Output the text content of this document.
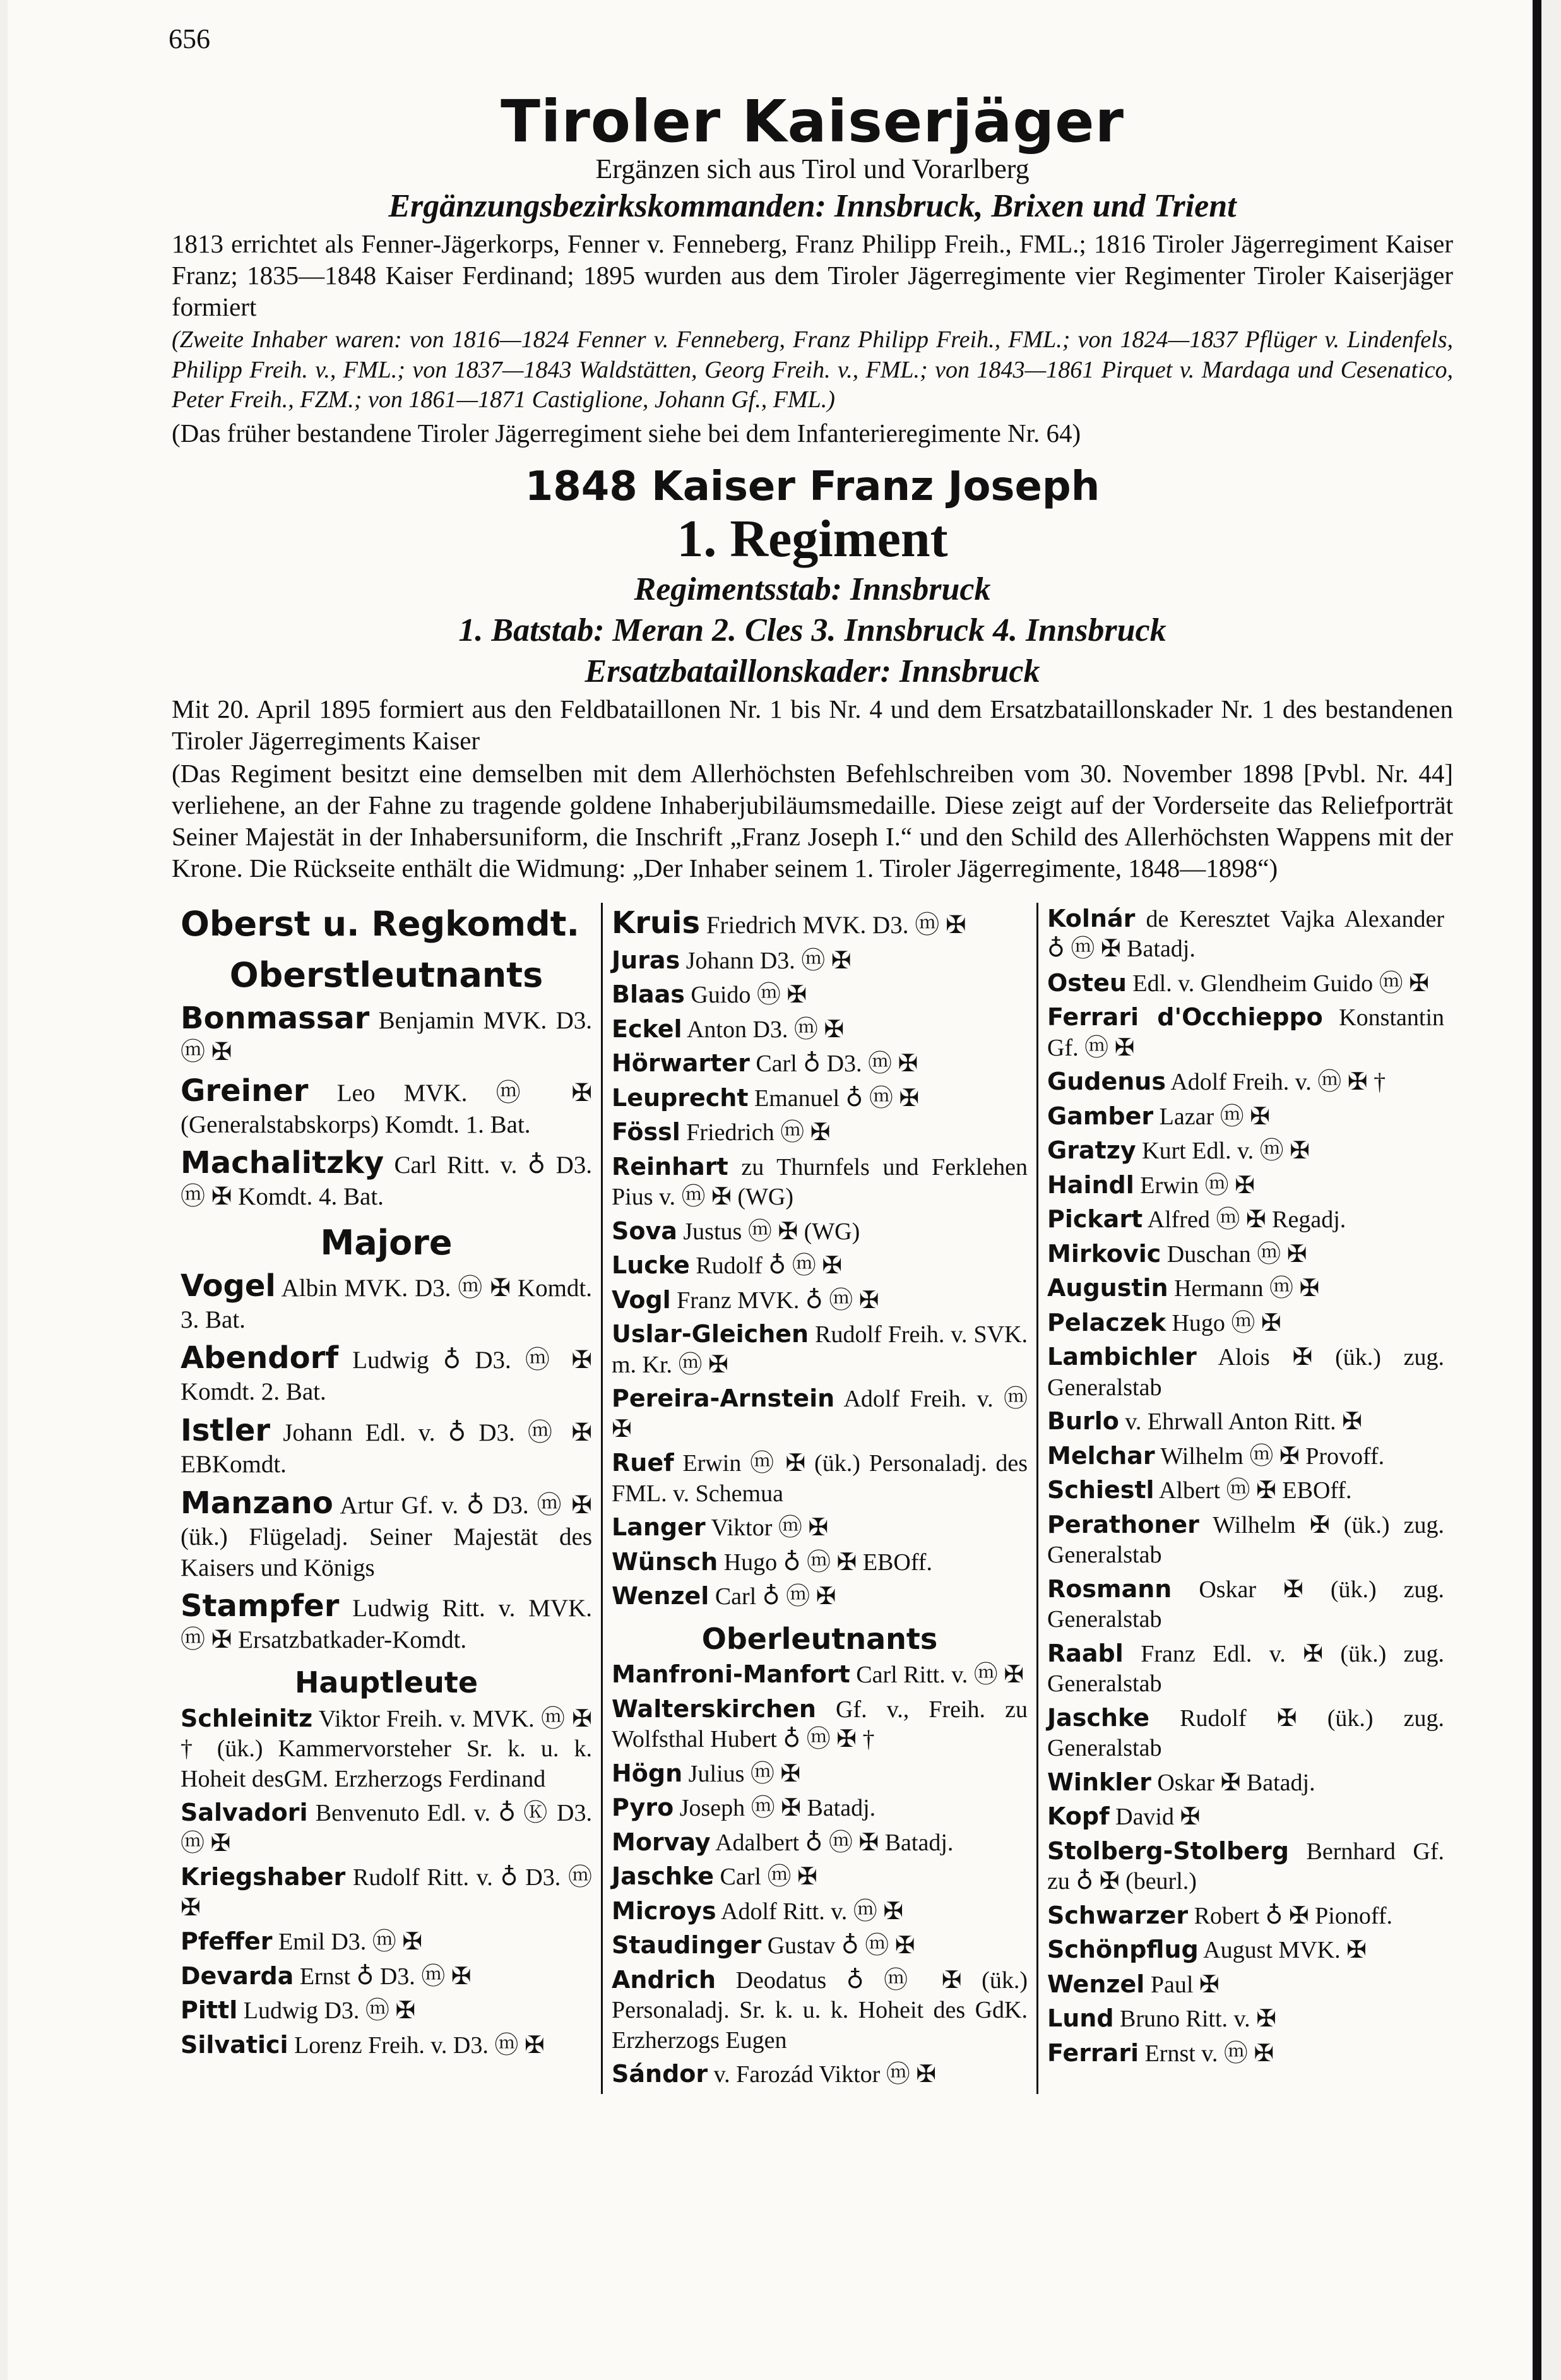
656
Tiroler Kaiserjäger
Ergänzen sich aus Tirol und Vorarlberg
Ergänzungsbezirkskommanden: Innsbruck, Brixen und Trient
1813 errichtet als Fenner-Jägerkorps, Fenner v. Fenneberg, Franz Philipp Freih., FML.; 1816 Tiroler Jägerregiment Kaiser Franz; 1835—1848 Kaiser Ferdinand; 1895 wurden aus dem Tiroler Jägerregimente vier Regimenter Tiroler Kaiserjäger formiert
(Zweite Inhaber waren: von 1816—1824 Fenner v. Fenneberg, Franz Philipp Freih., FML.; von 1824—1837 Pflüger v. Lindenfels, Philipp Freih. v., FML.; von 1837—1843 Waldstätten, Georg Freih. v., FML.; von 1843—1861 Pirquet v. Mardaga und Cesenatico, Peter Freih., FZM.; von 1861—1871 Castiglione, Johann Gf., FML.)
(Das früher bestandene Tiroler Jägerregiment siehe bei dem Infanterieregimente Nr. 64)
1848 Kaiser Franz Joseph
1. Regiment
Regimentsstab: Innsbruck
1. Batstab: Meran 2. Cles 3. Innsbruck 4. Innsbruck
Ersatzbataillonskader: Innsbruck
Mit 20. April 1895 formiert aus den Feldbataillonen Nr. 1 bis Nr. 4 und dem Ersatzbataillonskader Nr. 1 des bestandenen Tiroler Jägerregiments Kaiser
(Das Regiment besitzt eine demselben mit dem Allerhöchsten Befehlschreiben vom 30. November 1898 [Pvbl. Nr. 44] verliehene, an der Fahne zu tragende goldene Inhaberjubiläumsmedaille. Diese zeigt auf der Vorderseite das Reliefporträt Seiner Majestät in der Inhabersuniform, die Inschrift „Franz Joseph I.“ und den Schild des Allerhöchsten Wappens mit der Krone. Die Rückseite enthält die Widmung: „Der Inhaber seinem 1. Tiroler Jägerregimente, 1848—1898“)
Oberst u. Regkomdt.
Oberstleutnants
Bonmassar Benjamin MVK. D3. ⓜ ✠
Greiner Leo MVK. ⓜ ✠ (Generalstabskorps) Komdt. 1. Bat.
Machalitzky Carl Ritt. v. ♁ D3. ⓜ ✠ Komdt. 4. Bat.
Majore
Vogel Albin MVK. D3. ⓜ ✠ Komdt. 3. Bat.
Abendorf Ludwig ♁ D3. ⓜ ✠ Komdt. 2. Bat.
Istler Johann Edl. v. ♁ D3. ⓜ ✠ EBKomdt.
Manzano Artur Gf. v. ♁ D3. ⓜ ✠ (ük.) Flügeladj. Seiner Majestät des Kaisers und Königs
Stampfer Ludwig Ritt. v. MVK. ⓜ ✠ Ersatzbatkader-Komdt.
Hauptleute
Schleinitz Viktor Freih. v. MVK. ⓜ ✠ † (ük.) Kammervorsteher Sr. k. u. k. Hoheit desGM. Erzherzogs Ferdinand
Salvadori Benvenuto Edl. v. ♁ Ⓚ D3. ⓜ ✠
Kriegshaber Rudolf Ritt. v. ♁ D3. ⓜ ✠
Pfeffer Emil D3. ⓜ ✠
Devarda Ernst ♁ D3. ⓜ ✠
Pittl Ludwig D3. ⓜ ✠
Silvatici Lorenz Freih. v. D3. ⓜ ✠
Kruis Friedrich MVK. D3. ⓜ ✠
Juras Johann D3. ⓜ ✠
Blaas Guido ⓜ ✠
Eckel Anton D3. ⓜ ✠
Hörwarter Carl ♁ D3. ⓜ ✠
Leuprecht Emanuel ♁ ⓜ ✠
Fössl Friedrich ⓜ ✠
Reinhart zu Thurnfels und Ferklehen Pius v. ⓜ ✠ (WG)
Sova Justus ⓜ ✠ (WG)
Lucke Rudolf ♁ ⓜ ✠
Vogl Franz MVK. ♁ ⓜ ✠
Uslar-Gleichen Rudolf Freih. v. SVK. m. Kr. ⓜ ✠
Pereira-Arnstein Adolf Freih. v. ⓜ ✠
Ruef Erwin ⓜ ✠ (ük.) Personaladj. des FML. v. Schemua
Langer Viktor ⓜ ✠
Wünsch Hugo ♁ ⓜ ✠ EBOff.
Wenzel Carl ♁ ⓜ ✠
Oberleutnants
Manfroni-Manfort Carl Ritt. v. ⓜ ✠
Walterskirchen Gf. v., Freih. zu Wolfsthal Hubert ♁ ⓜ ✠ †
Högn Julius ⓜ ✠
Pyro Joseph ⓜ ✠ Batadj.
Morvay Adalbert ♁ ⓜ ✠ Batadj.
Jaschke Carl ⓜ ✠
Microys Adolf Ritt. v. ⓜ ✠
Staudinger Gustav ♁ ⓜ ✠
Andrich Deodatus ♁ ⓜ ✠ (ük.) Personaladj. Sr. k. u. k. Hoheit des GdK. Erzherzogs Eugen
Sándor v. Farozád Viktor ⓜ ✠
Kolnár de Keresztet Vajka Alexander ♁ ⓜ ✠ Batadj.
Osteu Edl. v. Glendheim Guido ⓜ ✠
Ferrari d'Occhieppo Konstantin Gf. ⓜ ✠
Gudenus Adolf Freih. v. ⓜ ✠ †
Gamber Lazar ⓜ ✠
Gratzy Kurt Edl. v. ⓜ ✠
Haindl Erwin ⓜ ✠
Pickart Alfred ⓜ ✠ Regadj.
Mirkovic Duschan ⓜ ✠
Augustin Hermann ⓜ ✠
Pelaczek Hugo ⓜ ✠
Lambichler Alois ✠ (ük.) zug. Generalstab
Burlo v. Ehrwall Anton Ritt. ✠
Melchar Wilhelm ⓜ ✠ Provoff.
Schiestl Albert ⓜ ✠ EBOff.
Perathoner Wilhelm ✠ (ük.) zug. Generalstab
Rosmann Oskar ✠ (ük.) zug. Generalstab
Raabl Franz Edl. v. ✠ (ük.) zug. Generalstab
Jaschke Rudolf ✠ (ük.) zug. Generalstab
Winkler Oskar ✠ Batadj.
Kopf David ✠
Stolberg-Stolberg Bernhard Gf. zu ♁ ✠ (beurl.)
Schwarzer Robert ♁ ✠ Pionoff.
Schönpflug August MVK. ✠
Wenzel Paul ✠
Lund Bruno Ritt. v. ✠
Ferrari Ernst v. ⓜ ✠
